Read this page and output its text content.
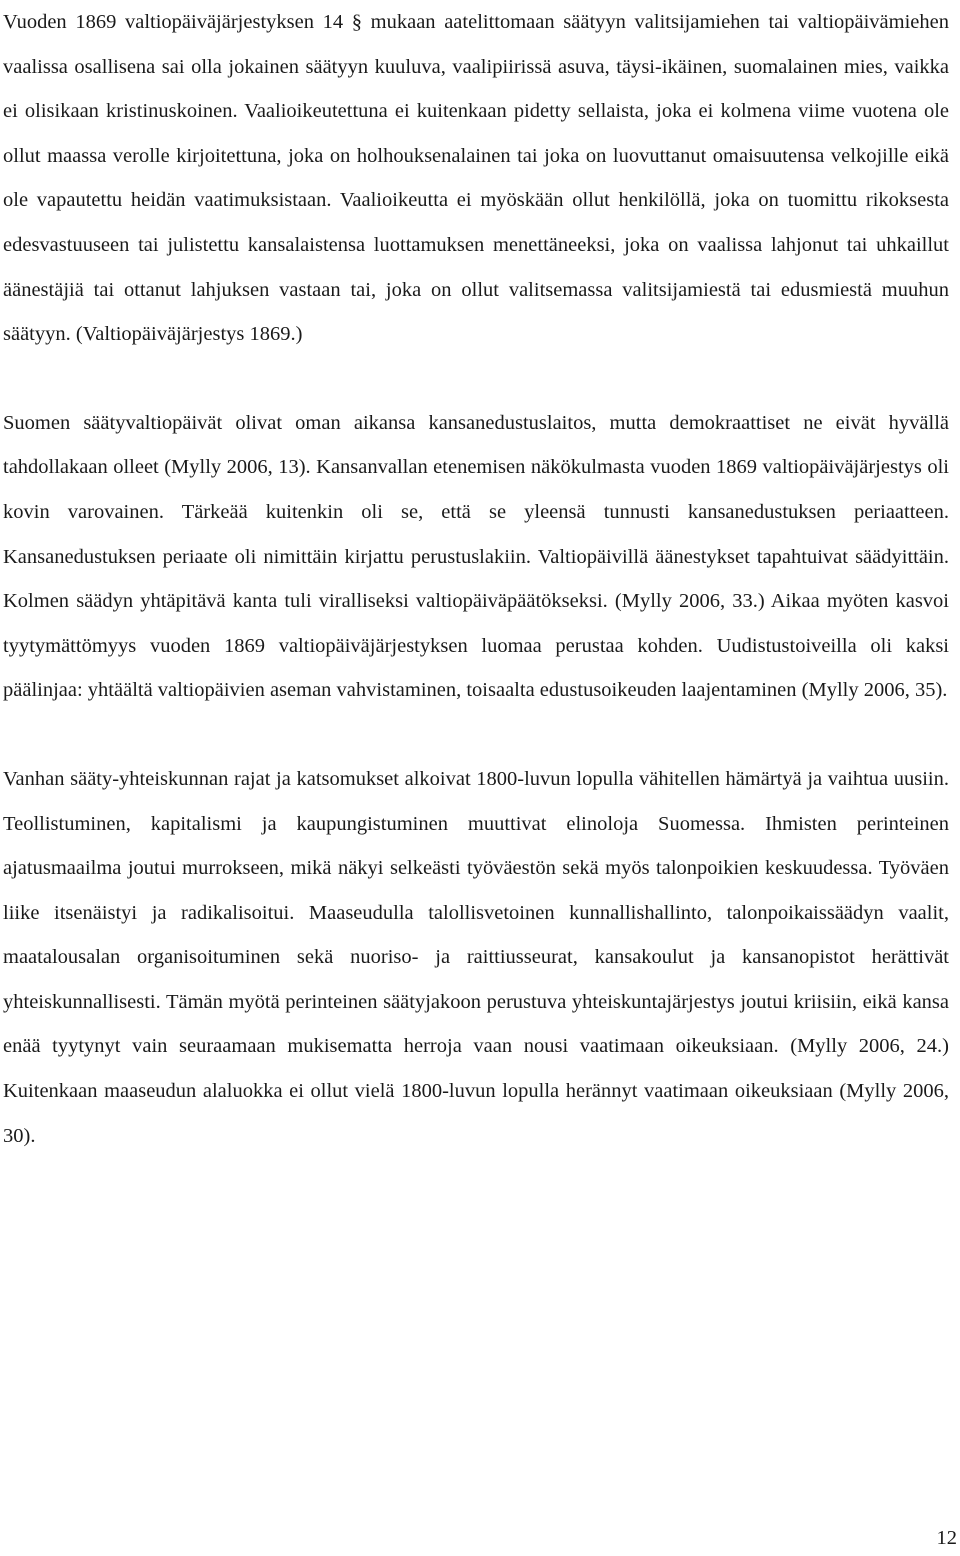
Vuoden 1869 valtiopäiväjärjestyksen 14 § mukaan aatelittomaan säätyyn valitsijamiehen tai valtiopäivämiehen vaalissa osallisena sai olla jokainen säätyyn kuuluva, vaalipiirissä asuva, täysi-ikäinen, suomalainen mies, vaikka ei olisikaan kristinuskoinen. Vaalioikeutettuna ei kuitenkaan pidetty sellaista, joka ei kolmena viime vuotena ole ollut maassa verolle kirjoitettuna, joka on holhouksenalainen tai joka on luovuttanut omaisuutensa velkojille eikä ole vapautettu heidän vaatimuksistaan. Vaalioikeutta ei myöskään ollut henkilöllä, joka on tuomittu rikoksesta edesvastuuseen tai julistettu kansalaistensa luottamuksen menettäneeksi, joka on vaalissa lahjonut tai uhkaillut äänestäjiä tai ottanut lahjuksen vastaan tai, joka on ollut valitsemassa valitsijamiestä tai edusmiestä muuhun säätyyn. (Valtiopäiväjärjestys 1869.)

Suomen säätyvaltiopäivät olivat oman aikansa kansanedustuslaitos, mutta demokraattiset ne eivät hyvällä tahdollakaan olleet (Mylly 2006, 13). Kansanvallan etenemisen näkökulmasta vuoden 1869 valtiopäiväjärjestys oli kovin varovainen. Tärkeää kuitenkin oli se, että se yleensä tunnusti kansanedustuksen periaatteen. Kansanedustuksen periaate oli nimittäin kirjattu perustuslakiin. Valtiopäivillä äänestykset tapahtuivat säädyittäin. Kolmen säädyn yhtäpitävä kanta tuli viralliseksi valtiopäiväpäätökseksi. (Mylly 2006, 33.) Aikaa myöten kasvoi tyytymättömyys vuoden 1869 valtiopäiväjärjestyksen luomaa perustaa kohden. Uudistustoiveilla oli kaksi päälinjaa: yhtäältä valtiopäivien aseman vahvistaminen, toisaalta edustusoikeuden laajentaminen (Mylly 2006, 35).

Vanhan sääty-yhteiskunnan rajat ja katsomukset alkoivat 1800-luvun lopulla vähitellen hämärtyä ja vaihtua uusiin. Teollistuminen, kapitalismi ja kaupungistuminen muuttivat elinoloja Suomessa. Ihmisten perinteinen ajatusmaailma joutui murrokseen, mikä näkyi selkeästi työväestön sekä myös talonpoikien keskuudessa. Työväen liike itsenäistyi ja radikalisoitui. Maaseudulla talollisvetoinen kunnallishallinto, talonpoikaissäädyn vaalit, maatalousalan organisoituminen sekä nuoriso- ja raittiusseurat, kansakoulut ja kansanopistot herättivät yhteiskunnallisesti. Tämän myötä perinteinen säätyjakoon perustuva yhteiskuntajärjestys joutui kriisiin, eikä kansa enää tyytynyt vain seuraamaan mukisematta herroja vaan nousi vaatimaan oikeuksiaan. (Mylly 2006, 24.) Kuitenkaan maaseudun alaluokka ei ollut vielä 1800-luvun lopulla herännyt vaatimaan oikeuksiaan (Mylly 2006, 30).

12
